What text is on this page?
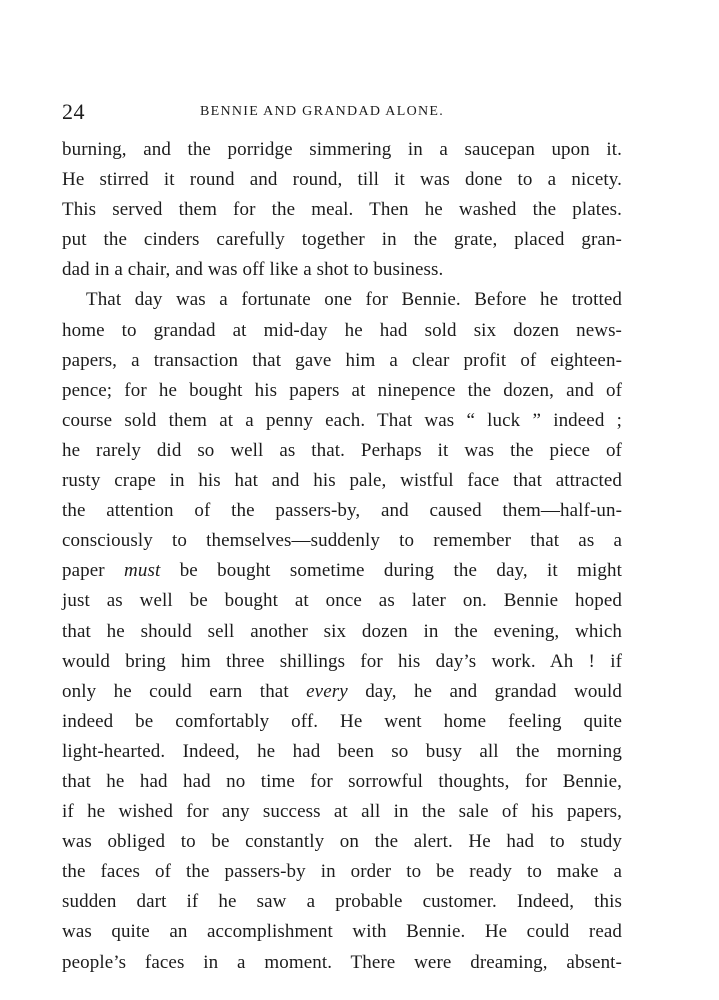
24	BENNIE AND GRANDAD ALONE.
burning, and the porridge simmering in a saucepan upon it.
He stirred it round and round, till it was done to a nicety.
This served them for the meal. Then he washed the plates.
put the cinders carefully together in the grate, placed gran-
dad in a chair, and was off like a shot to business.
That day was a fortunate one for Bennie. Before he trotted
home to grandad at mid-day he had sold six dozen news-
papers, a transaction that gave him a clear profit of eighteen-
pence; for he bought his papers at ninepence the dozen, and of
course sold them at a penny each. That was “ luck ” indeed ;
he rarely did so well as that. Perhaps it was the piece of
rusty crape in his hat and his pale, wistful face that attracted
the attention of the passers-by, and caused them—half-un-
consciously to themselves—suddenly to remember that as a
paper must be bought sometime during the day, it might
just as well be bought at once as later on. Bennie hoped
that he should sell another six dozen in the evening, which
would bring him three shillings for his day’s work. Ah ! if
only he could earn that every day, he and grandad would
indeed be comfortably off. He went home feeling quite
light-hearted. Indeed, he had been so busy all the morning
that he had had no time for sorrowful thoughts, for Bennie,
if he wished for any success at all in the sale of his papers,
was obliged to be constantly on the alert. He had to study
the faces of the passers-by in order to be ready to make a
sudden dart if he saw a probable customer. Indeed, this
was quite an accomplishment with Bennie. He could read
people’s faces in a moment. There were dreaming, absent-
